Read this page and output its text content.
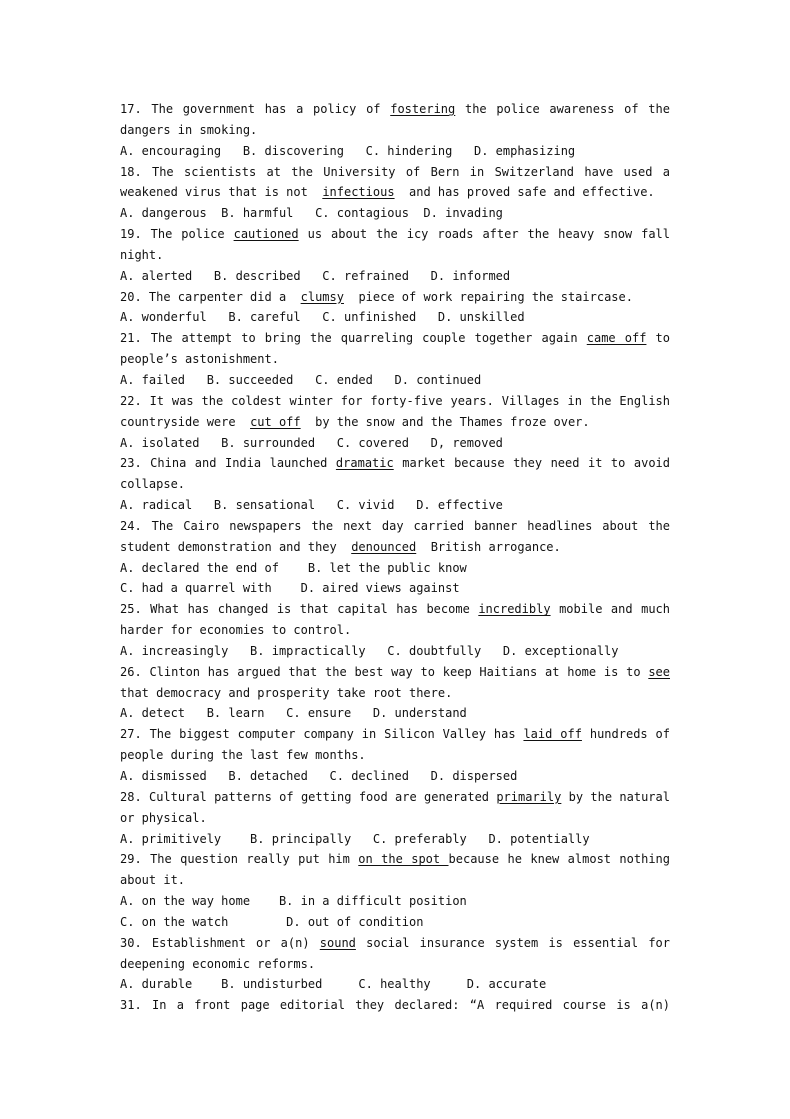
17. The government has a policy of fostering the police awareness of the
dangers in smoking.
A. encouraging   B. discovering   C. hindering   D. emphasizing
18. The scientists at the University of Bern in Switzerland have used a
weakened virus that is not  infectious  and has proved safe and effective.
A. dangerous  B. harmful   C. contagious  D. invading
19. The police cautioned us about the icy roads after the heavy snow fall
night.
A. alerted   B. described   C. refrained   D. informed
20. The carpenter did a  clumsy  piece of work repairing the staircase.
A. wonderful   B. careful   C. unfinished   D. unskilled
21. The attempt to bring the quarreling couple together again came off to
people’s astonishment.
A. failed   B. succeeded   C. ended   D. continued
22. It was the coldest winter for forty-five years. Villages in the English
countryside were  cut off  by the snow and the Thames froze over.
A. isolated   B. surrounded   C. covered   D, removed
23. China and India launched dramatic market because they need it to avoid
collapse.
A. radical   B. sensational   C. vivid   D. effective
24. The Cairo newspapers the next day carried banner headlines about the
student demonstration and they  denounced  British arrogance.
A. declared the end of    B. let the public know
C. had a quarrel with    D. aired views against
25. What has changed is that capital has become incredibly mobile and much
harder for economies to control.
A. increasingly   B. impractically   C. doubtfully   D. exceptionally
26. Clinton has argued that the best way to keep Haitians at home is to see
that democracy and prosperity take root there.
A. detect   B. learn   C. ensure   D. understand
27. The biggest computer company in Silicon Valley has laid off hundreds of
people during the last few months.
A. dismissed   B. detached   C. declined   D. dispersed
28. Cultural patterns of getting food are generated primarily by the natural
or physical.
A. primitively    B. principally   C. preferably   D. potentially
29. The question really put him on the spot because he knew almost nothing
about it.
A. on the way home    B. in a difficult position
C. on the watch        D. out of condition
30. Establishment or a(n) sound social insurance system is essential for
deepening economic reforms.
A. durable    B. undisturbed     C. healthy     D. accurate
31. In a front page editorial they declared: “A required course is a(n)
